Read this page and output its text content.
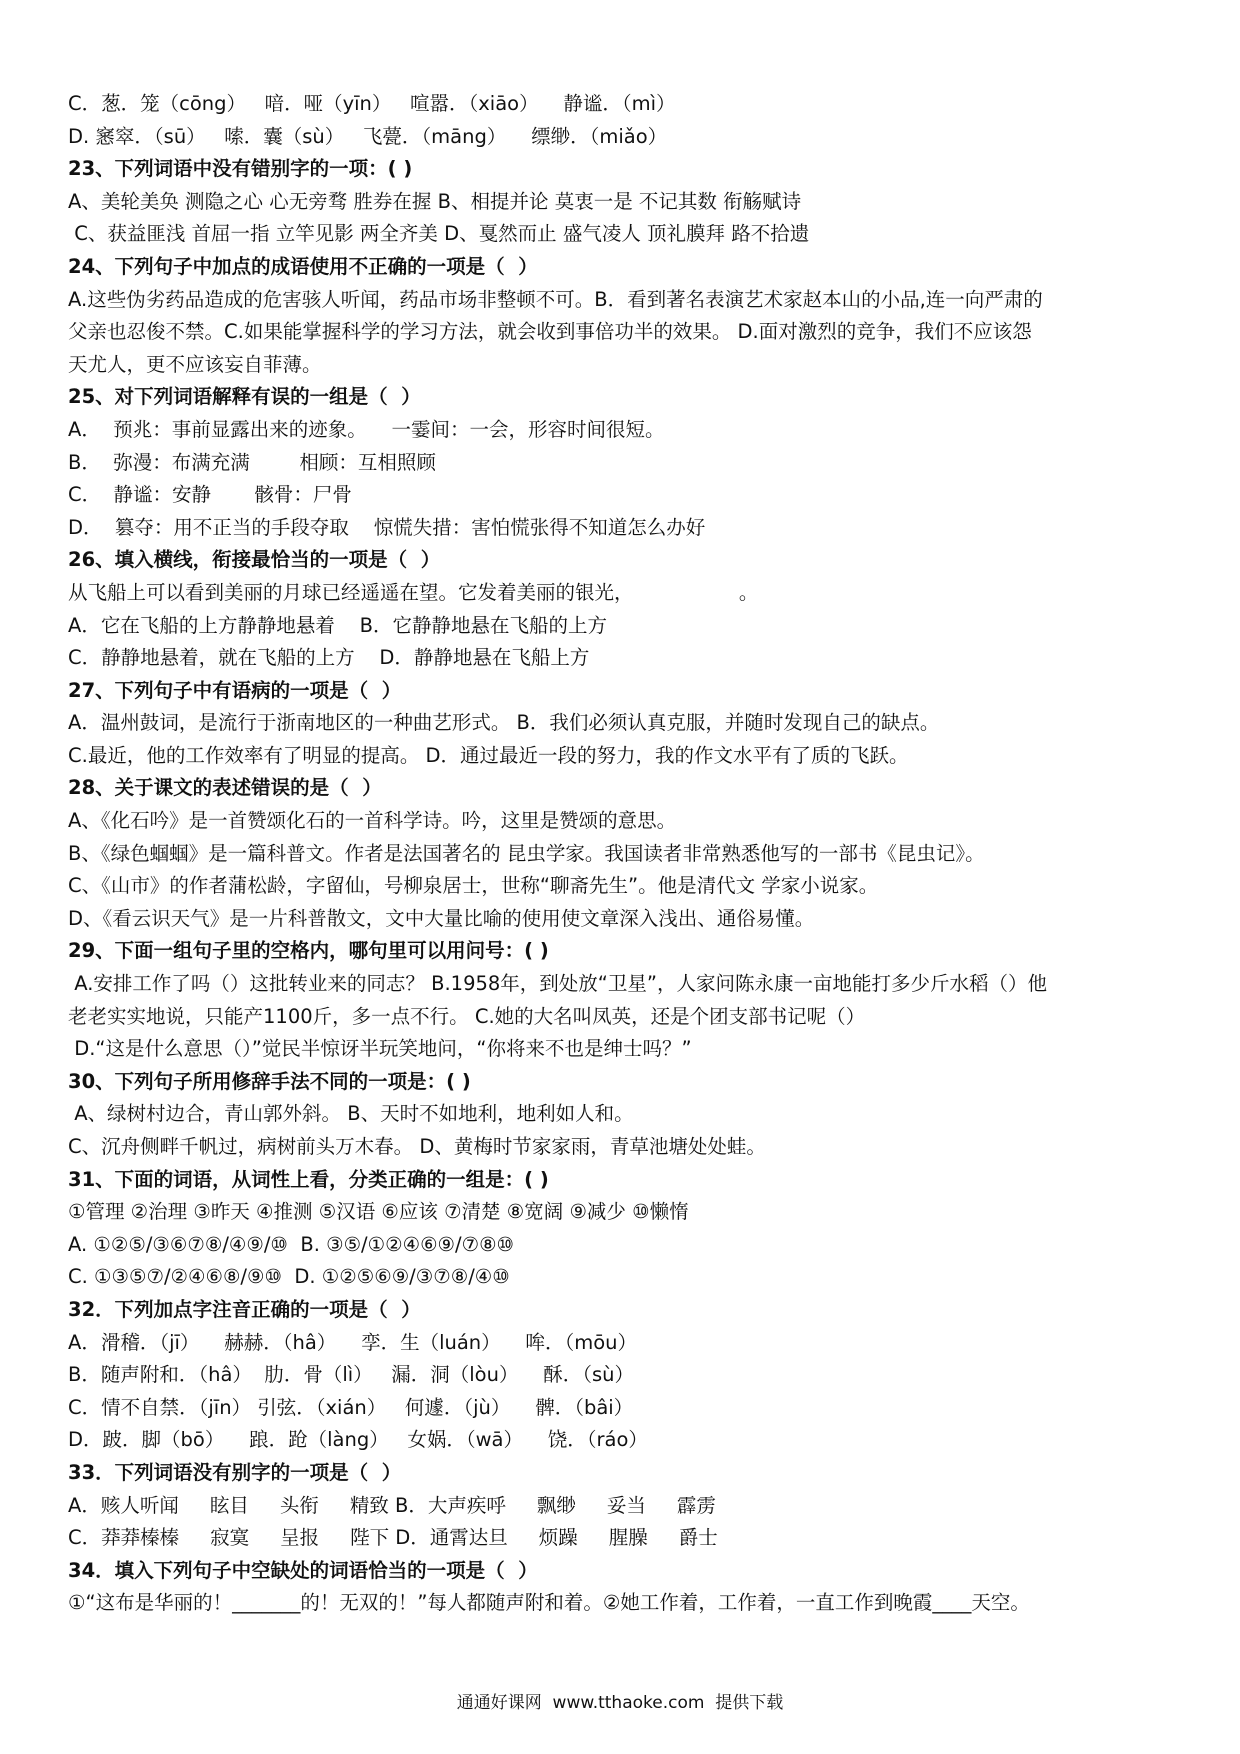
C．葱．笼（cōng）   喑．哑（yīn）   喧嚣．（xiāo）    静谧．（mì）
D. 窸窣．（sū）   嗦．囊（sù）   飞甍．（māng）    缥缈．（miǎo）
23、下列词语中没有错别字的一项：( )
A、美轮美奂 测隐之心 心无旁骛 胜券在握 B、相提并论 莫衷一是 不记其数 衔觞赋诗
C、获益匪浅 首屈一指 立竿见影 两全齐美 D、戛然而止 盛气凌人 顶礼膜拜 路不拾遗
24、下列句子中加点的成语使用不正确的一项是（  ）
A.这些伪劣药品造成的危害骇人听闻，药品市场非整顿不可。B．看到著名表演艺术家赵本山的小品,连一向严肃的
父亲也忍俊不禁。C.如果能掌握科学的学习方法，就会收到事倍功半的效果。 D.面对激烈的竞争，我们不应该怨
天尤人，更不应该妄自菲薄。
25、对下列词语解释有误的一组是（  ）
A．  预兆：事前显露出来的迹象。    一霎间：一会，形容时间很短。
B．  弥漫：布满充满        相顾：互相照顾
C．  静谧：安静       骸骨：尸骨
D．  篡夺：用不正当的手段夺取    惊慌失措：害怕慌张得不知道怎么办好
26、填入横线，衔接最恰当的一项是（  ）
从飞船上可以看到美丽的月球已经遥遥在望。它发着美丽的银光，                 。
A．它在飞船的上方静静地悬着    B．它静静地悬在飞船的上方
C．静静地悬着，就在飞船的上方    D．静静地悬在飞船上方
27、下列句子中有语病的一项是（  ）
A．温州鼓词，是流行于浙南地区的一种曲艺形式。 B．我们必须认真克服，并随时发现自己的缺点。
C.最近，他的工作效率有了明显的提高。 D．通过最近一段的努力，我的作文水平有了质的飞跃。
28、关于课文的表述错误的是（  ）
A、《化石吟》是一首赞颂化石的一首科学诗。吟，这里是赞颂的意思。
B、《绿色蝈蝈》是一篇科普文。作者是法国著名的 昆虫学家。我国读者非常熟悉他写的一部书《昆虫记》。
C、《山市》的作者蒲松龄，字留仙，号柳泉居士，世称“聊斋先生”。他是清代文 学家小说家。
D、《看云识天气》是一片科普散文，文中大量比喻的使用使文章深入浅出、通俗易懂。
29、下面一组句子里的空格内，哪句里可以用问号：( )
A.安排工作了吗（）这批转业来的同志？ B.1958年，到处放“卫星”，人家问陈永康一亩地能打多少斤水稻（）他
老老实实地说，只能产1100斤，多一点不行。 C.她的大名叫凤英，还是个团支部书记呢（）
D.“这是什么意思（）”觉民半惊讶半玩笑地问，“你将来不也是绅士吗？”
30、下列句子所用修辞手法不同的一项是：( )
A、绿树村边合，青山郭外斜。 B、天时不如地利，地利如人和。
C、沉舟侧畔千帆过，病树前头万木春。 D、黄梅时节家家雨，青草池塘处处蛙。
31、下面的词语，从词性上看，分类正确的一组是：( )
①管理 ②治理 ③昨天 ④推测 ⑤汉语 ⑥应该 ⑦清楚 ⑧宽阔 ⑨减少 ⑩懒惰
A. ①②⑤/③⑥⑦⑧/④⑨/⑩  B. ③⑤/①②④⑥⑨/⑦⑧⑩
C. ①③⑤⑦/②④⑥⑧/⑨⑩  D. ①②⑤⑥⑨/③⑦⑧/④⑩
32．下列加点字注音正确的一项是（  ）
A．滑稽．（jī）    赫赫．（hâ）    孪．生（luán）    哞．（mōu）
B．随声附和．（hâ）  肋．骨（lì）   漏．洞（lòu）    酥．（sù）
C．情不自禁．（jīn） 引弦．（xián）   何遽．（jù）    髀．（bâi）
D．跛．脚（bō）    踉．跄（làng）   女娲．（wā）    饶．（ráo）
33．下列词语没有别字的一项是（  ）
A．赅人听闻     眩目     头衔     精致 B．大声疾呼     飘缈     妥当     霹雳
C．莽莽榛榛     寂寞     呈报     陛下 D．通霄达旦     烦躁     腥臊     爵士
34．填入下列句子中空缺处的词语恰当的一项是（  ）
①“这布是华丽的！_______的！无双的！”每人都随声附和着。②她工作着，工作着，一直工作到晚霞____天空。
通通好课网  www.tthaoke.com  提供下载
